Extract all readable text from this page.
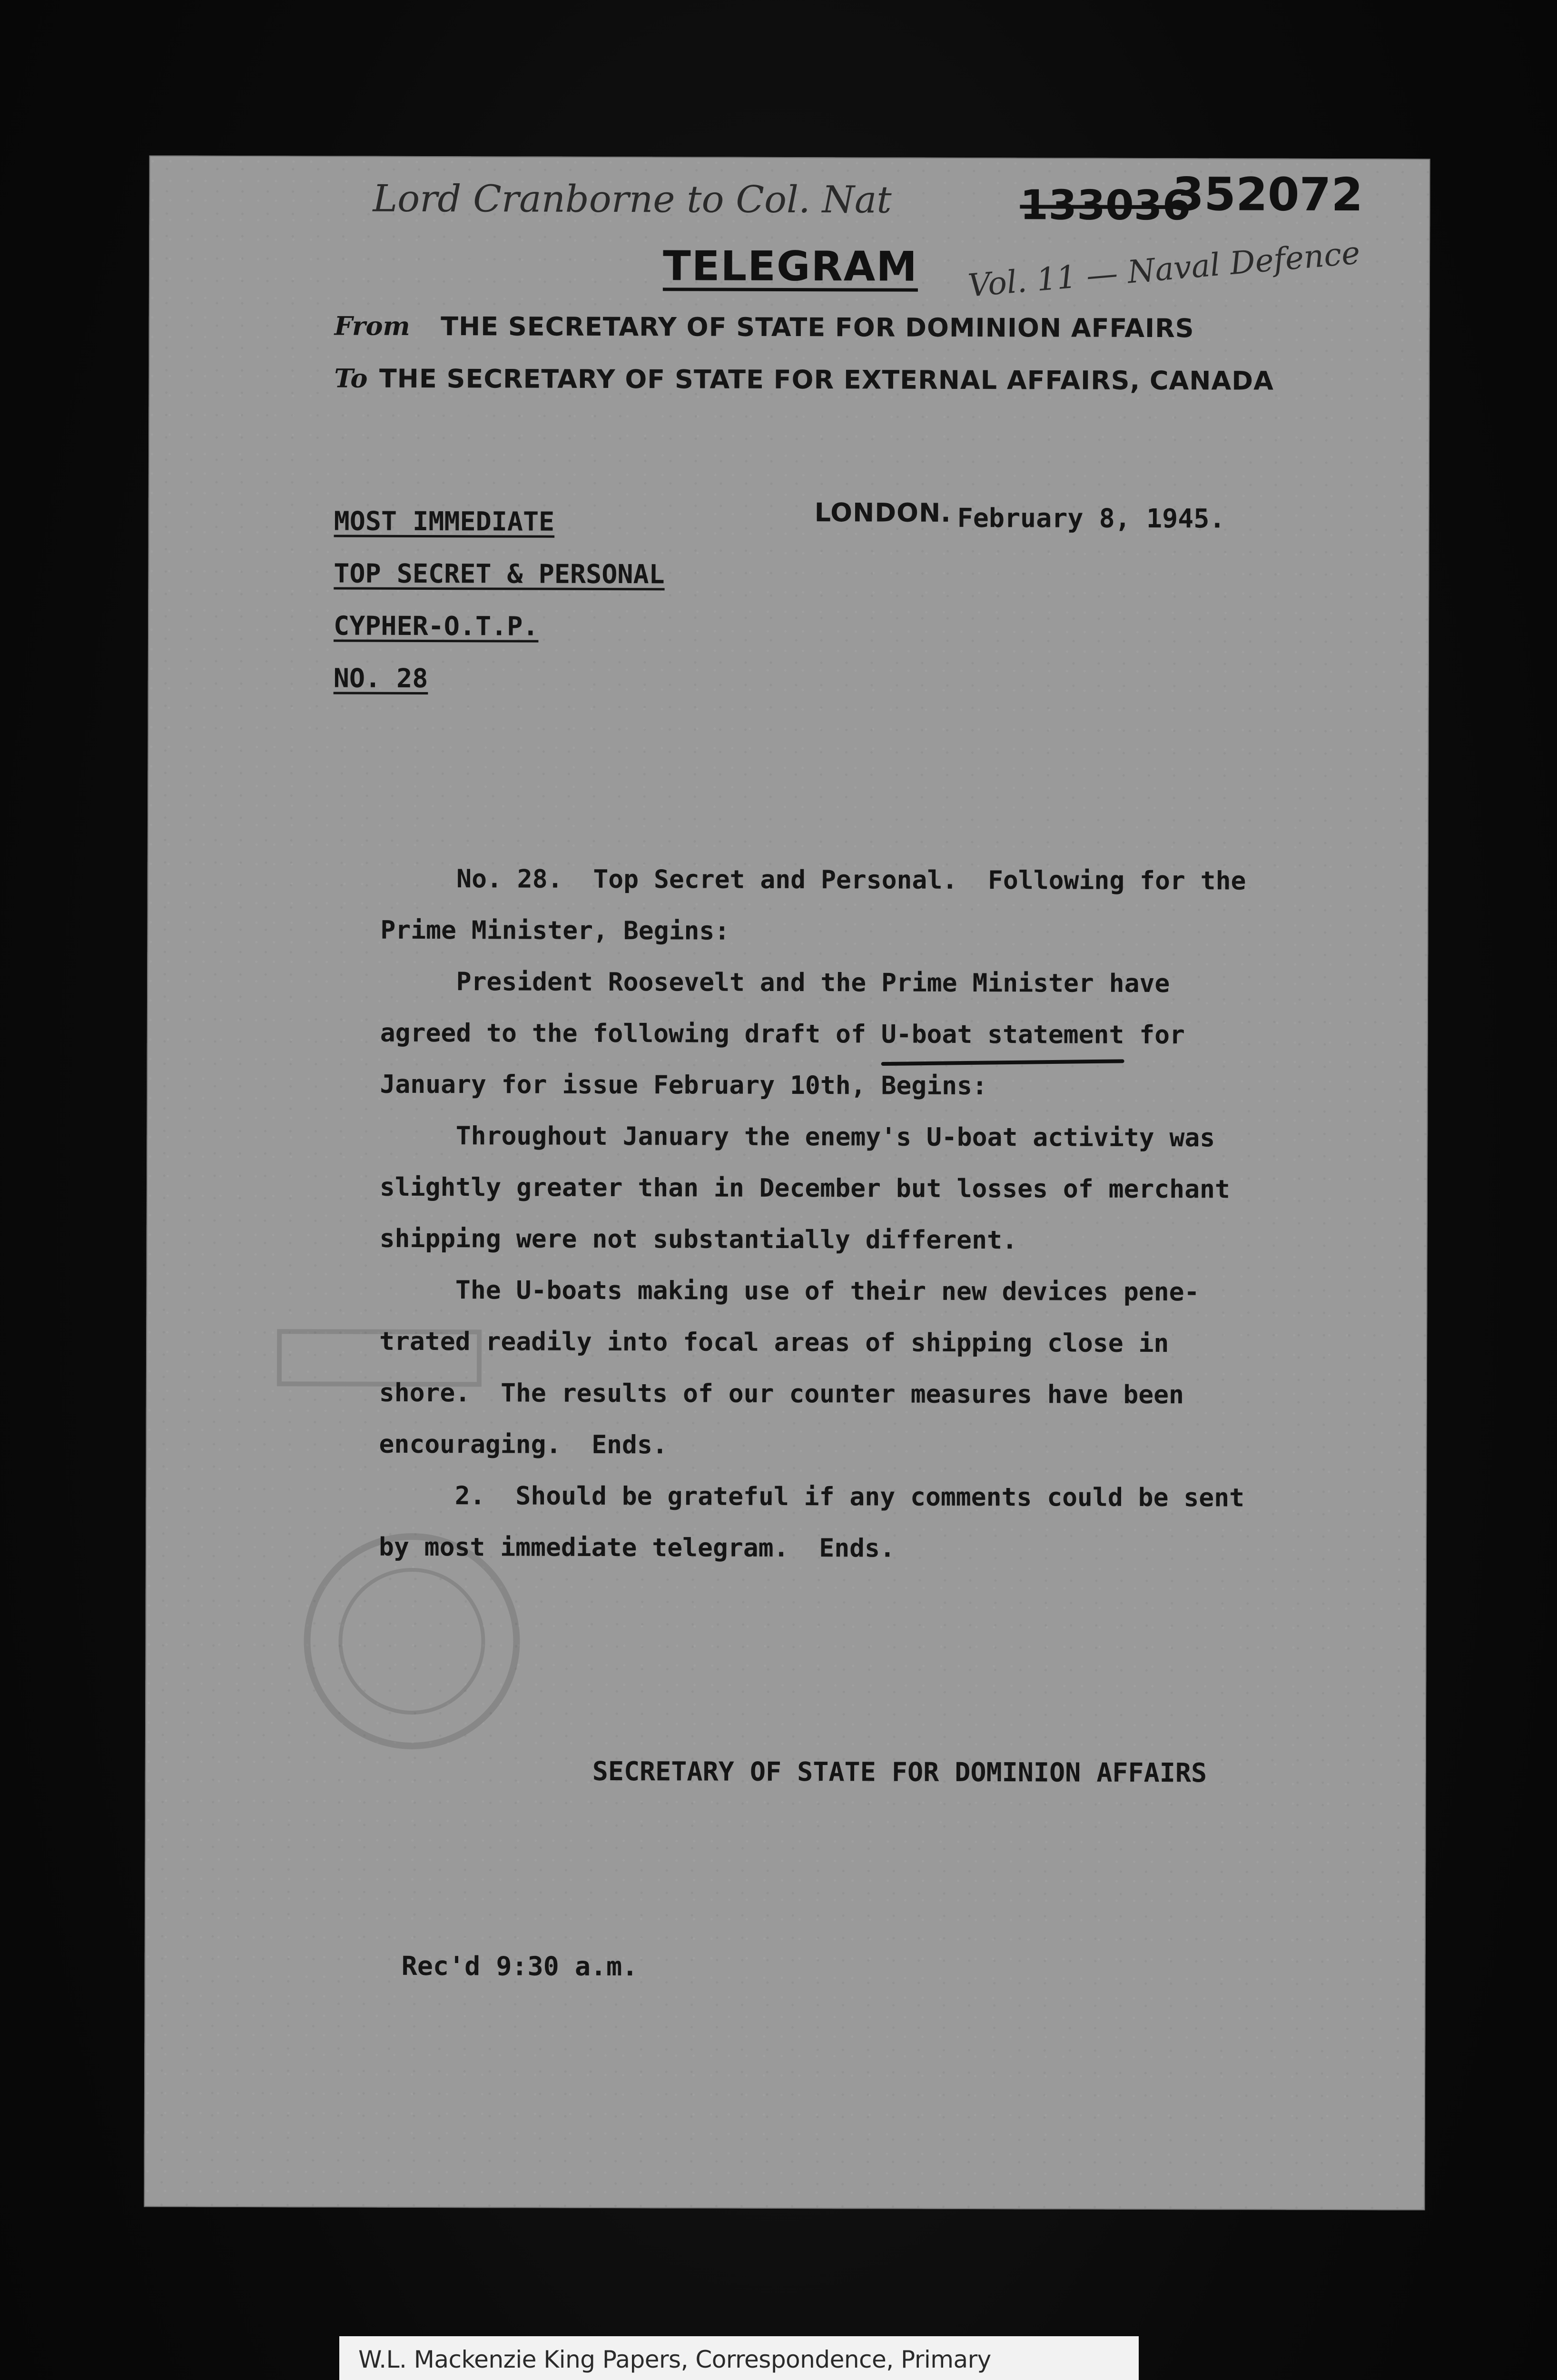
Lord Cranborne to Col. Nat	133036
352072
Vol. 11 — Naval Defence
TELEGRAM
From THE SECRETARY OF STATE FOR DOMINION AFFAIRS
To THE SECRETARY OF STATE FOR EXTERNAL AFFAIRS, CANADA
MOST IMMEDIATE
TOP SECRET & PERSONAL
CYPHER-O.T.P.
NO. 28
LONDON. February 8, 1945.

No. 28.  Top Secret and Personal.  Following for the

Prime Minister, Begins:

President Roosevelt and the Prime Minister have

agreed to the following draft of U-boat statement for

January for issue February 10th, Begins:

Throughout January the enemy's U-boat activity was

slightly greater than in December but losses of merchant

shipping were not substantially different.

The U-boats making use of their new devices pene-

trated readily into focal areas of shipping close in

shore.  The results of our counter measures have been

encouraging.  Ends.

2.  Should be grateful if any comments could be sent

by most immediate telegram.  Ends.

SECRETARY OF STATE FOR DOMINION AFFAIRS
Rec'd 9:30 a.m.
W.L. Mackenzie King Papers, Correspondence, Primary
